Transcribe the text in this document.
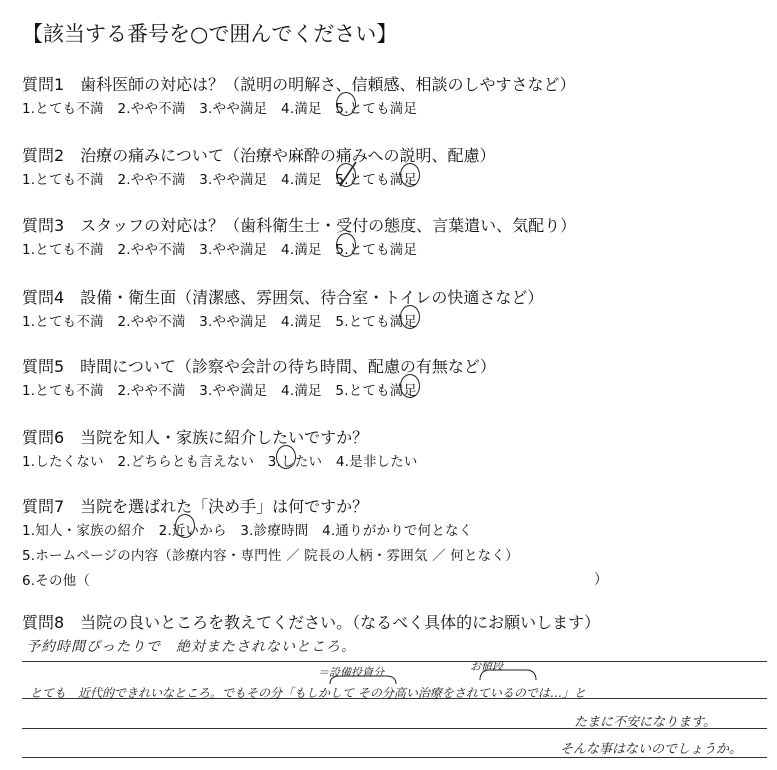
【該当する番号を○で囲んでください】
質問1　歯科医師の対応は？（説明の明解さ、信頼感、相談のしやすさなど）
1.とても不満　2.やや不満　3.やや満足　4.満足　5.とても満足
質問2　治療の痛みについて（治療や麻酔の痛みへの説明、配慮）
1.とても不満　2.やや不満　3.やや満足　4.満足　5.とても満足
質問3　スタッフの対応は？（歯科衛生士・受付の態度、言葉遣い、気配り）
1.とても不満　2.やや不満　3.やや満足　4.満足　5.とても満足
質問4　設備・衛生面（清潔感、雰囲気、待合室・トイレの快適さなど）
1.とても不満　2.やや不満　3.やや満足　4.満足　5.とても満足
質問5　時間について（診察や会計の待ち時間、配慮の有無など）
1.とても不満　2.やや不満　3.やや満足　4.満足　5.とても満足
質問6　当院を知人・家族に紹介したいですか？
1.したくない　2.どちらとも言えない　3.したい　4.是非したい
質問7　当院を選ばれた「決め手」は何ですか？
1.知人・家族の紹介　2.近いから　3.診療時間　4.通りがかりで何となく
5.ホームページの内容（診療内容・専門性 ／ 院長の人柄・雰囲気 ／ 何となく）
6.その他（	）
質問8　当院の良いところを教えてください。（なるべく具体的にお願いします）
予約時間ぴったりで　絶対またされないところ。
お値段
＝設備投資分
とても　近代的できれいなところ。でもその分「もしかして その分高い治療をされているのでは…」と
たまに不安になります。
そんな事はないのでしょうか。
